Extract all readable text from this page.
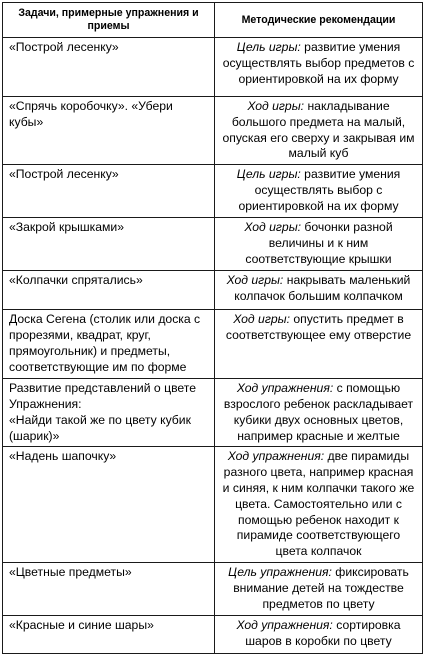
Задачи, примерные упражнения и приемы	Методические рекомендации
«Построй лесенку»	Цель игры: развитие умения осуществлять выбор предметов с ориентировкой на их форму
«Спрячь коробочку». «Убери кубы»	Ход игры: накладывание большого предмета на малый, опуская его сверху и закрывая им малый куб
«Построй лесенку»	Цель игры: развитие умения осуществлять выбор с ориентировкой на их форму
«Закрой крышками»	Ход игры: бочонки разной величины и к ним соответствующие крышки
«Колпачки спрятались»	Ход игры: накрывать маленький колпачок большим колпачком
Доска Сегена (столик или доска с прорезями, квадрат, круг, прямоугольник) и предметы, соответствующие им по форме	Ход игры: опустить предмет в соответствующее ему отверстие
Развитие представлений о цвете
Упражнения:
«Найди такой же по цвету кубик (шарик)»	Ход упражнения: с помощью взрослого ребенок раскладывает кубики двух основных цветов, например красные и желтые
«Надень шапочку»	Ход упражнения: две пирамиды разного цвета, например красная и синяя, к ним колпачки такого же цвета. Самостоятельно или с помощью ребенок находит к пирамиде соответствующего цвета колпачок
«Цветные предметы»	Цель упражнения: фиксировать внимание детей на тождестве предметов по цвету
«Красные и синие шары»	Ход упражнения: сортировка шаров в коробки по цвету
